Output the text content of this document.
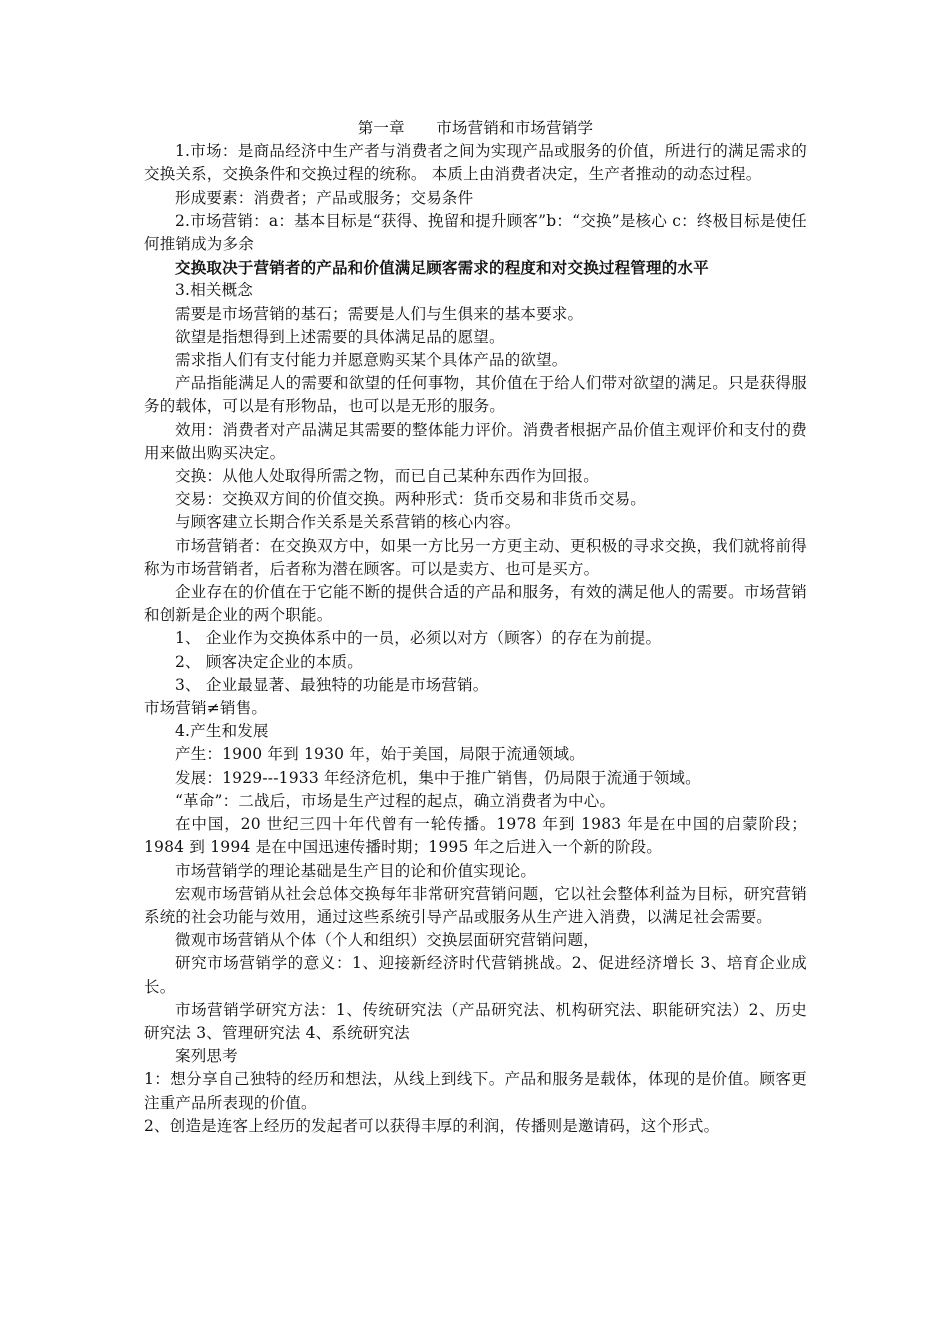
第一章　　市场营销和市场营销学

1.市场：是商品经济中生产者与消费者之间为实现产品或服务的价值，所进行的满足需求的交换关系，交换条件和交换过程的统称。 本质上由消费者决定，生产者推动的动态过程。

形成要素：消费者；产品或服务；交易条件

2.市场营销：a：基本目标是“获得、挽留和提升顾客”b：“交换”是核心 c：终极目标是使任何推销成为多余

交换取决于营销者的产品和价值满足顾客需求的程度和对交换过程管理的水平

3.相关概念

需要是市场营销的基石；需要是人们与生俱来的基本要求。

欲望是指想得到上述需要的具体满足品的愿望。

需求指人们有支付能力并愿意购买某个具体产品的欲望。

产品指能满足人的需要和欲望的任何事物，其价值在于给人们带对欲望的满足。只是获得服务的载体，可以是有形物品，也可以是无形的服务。

效用：消费者对产品满足其需要的整体能力评价。消费者根据产品价值主观评价和支付的费用来做出购买决定。

交换：从他人处取得所需之物，而已自己某种东西作为回报。

交易：交换双方间的价值交换。两种形式：货币交易和非货币交易。

与顾客建立长期合作关系是关系营销的核心内容。

市场营销者：在交换双方中，如果一方比另一方更主动、更积极的寻求交换，我们就将前得称为市场营销者，后者称为潜在顾客。可以是卖方、也可是买方。

企业存在的价值在于它能不断的提供合适的产品和服务，有效的满足他人的需要。市场营销和创新是企业的两个职能。

1、 企业作为交换体系中的一员，必须以对方（顾客）的存在为前提。

2、 顾客决定企业的本质。

3、 企业最显著、最独特的功能是市场营销。

市场营销≠销售。

4.产生和发展

产生：1900 年到 1930 年，始于美国，局限于流通领域。

发展：1929---1933 年经济危机，集中于推广销售，仍局限于流通于领域。

“革命”：二战后，市场是生产过程的起点，确立消费者为中心。

在中国，20 世纪三四十年代曾有一轮传播。1978 年到 1983 年是在中国的启蒙阶段；1984 到 1994 是在中国迅速传播时期；1995 年之后进入一个新的阶段。

市场营销学的理论基础是生产目的论和价值实现论。

宏观市场营销从社会总体交换每年非常研究营销问题，它以社会整体利益为目标，研究营销系统的社会功能与效用，通过这些系统引导产品或服务从生产进入消费，以满足社会需要。

微观市场营销从个体（个人和组织）交换层面研究营销问题，

研究市场营销学的意义：1、迎接新经济时代营销挑战。2、促进经济增长 3、培育企业成长。

市场营销学研究方法：1、传统研究法（产品研究法、机构研究法、职能研究法）2、历史研究法 3、管理研究法 4、系统研究法

案列思考

1：想分享自己独特的经历和想法，从线上到线下。产品和服务是载体，体现的是价值。顾客更注重产品所表现的价值。

2、创造是连客上经历的发起者可以获得丰厚的利润，传播则是邀请码，这个形式。
